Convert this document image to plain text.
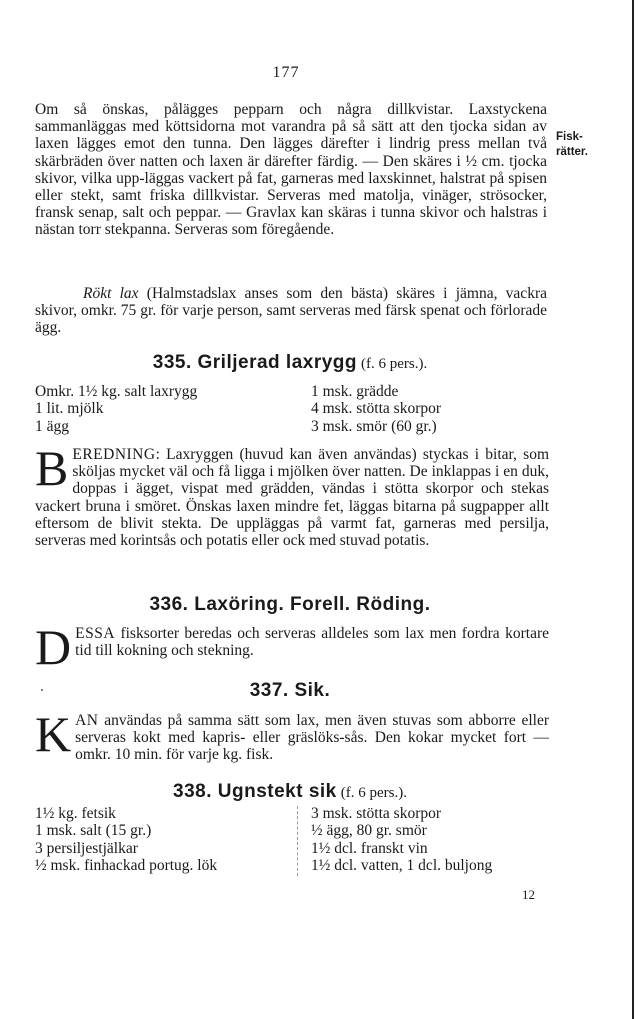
177
Fisk-
rätter.
Om så önskas, pålägges pepparn och några dillkvistar. Laxstyckena sammanläggas med köttsidorna mot varandra på så sätt att den tjocka sidan av laxen lägges emot den tunna. Den lägges därefter i lindrig press mellan två skärbräden över natten och laxen är därefter färdig. — Den skäres i ½ cm. tjocka skivor, vilka upp-läggas vackert på fat, garneras med laxskinnet, halstrat på spisen eller stekt, samt friska dillkvistar. Serveras med matolja, vinäger, strösocker, fransk senap, salt och peppar. — Gravlax kan skäras i tunna skivor och halstras i nästan torr stekpanna. Serveras som föregående.
Rökt lax (Halmstadslax anses som den bästa) skäres i jämna, vackra skivor, omkr. 75 gr. för varje person, samt serveras med färsk spenat och förlorade ägg.
335. Griljerad laxrygg (f. 6 pers.).
Omkr. 1½ kg. salt laxrygg
1 lit. mjölk
1 ägg
1 msk. grädde
4 msk. stötta skorpor
3 msk. smör (60 gr.)
BEREDNING: Laxryggen (huvud kan även användas) styckas i bitar, som sköljas mycket väl och få ligga i mjölken över natten. De inklappas i en duk, doppas i ägget, vispat med grädden, vändas i stötta skorpor och stekas vackert bruna i smöret. Önskas laxen mindre fet, läggas bitarna på sugpapper allt eftersom de blivit stekta. De uppläggas på varmt fat, garneras med persilja, serveras med korintsås och potatis eller ock med stuvad potatis.
336. Laxöring. Forell. Röding.
DESSA fisksorter beredas och serveras alldeles som lax men fordra kortare tid till kokning och stekning.
337. Sik.
KAN användas på samma sätt som lax, men även stuvas som abborre eller serveras kokt med kapris- eller gräslöks-sås. Den kokar mycket fort — omkr. 10 min. för varje kg. fisk.
338. Ugnstekt sik (f. 6 pers.).
1½ kg. fetsik
1 msk. salt (15 gr.)
3 persiljestjälkar
½ msk. finhackad portug. lök
3 msk. stötta skorpor
½ ägg, 80 gr. smör
1½ dcl. franskt vin
1½ dcl. vatten, 1 dcl. buljong
12
